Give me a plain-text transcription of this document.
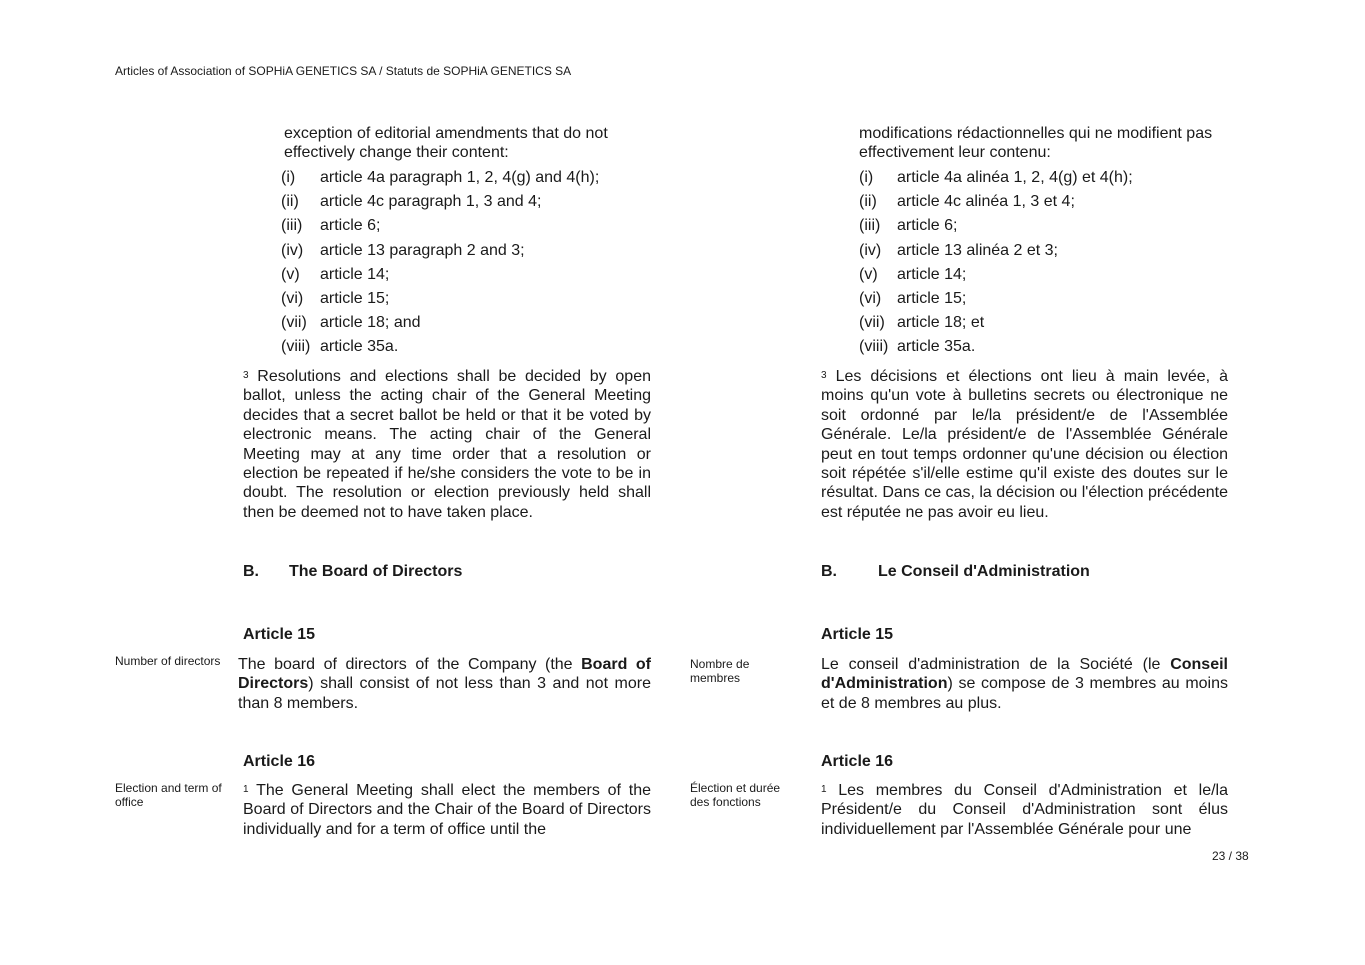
Articles of Association of SOPHiA GENETICS SA / Statuts de SOPHiA GENETICS SA
exception of editorial amendments that do not effectively change their content:
(i) article 4a paragraph 1, 2, 4(g) and 4(h);
(ii) article 4c paragraph 1, 3 and 4;
(iii) article 6;
(iv) article 13 paragraph 2 and 3;
(v) article 14;
(vi) article 15;
(vii) article 18; and
(viii) article 35a.
$^3$ Resolutions and elections shall be decided by open ballot, unless the acting chair of the General Meeting decides that a secret ballot be held or that it be voted by electronic means. The acting chair of the General Meeting may at any time order that a resolution or election be repeated if he/she considers the vote to be in doubt. The resolution or election previously held shall then be deemed not to have taken place.
B. The Board of Directors
Article 15
Number of directors	The board of directors of the Company (the Board of Directors) shall consist of not less than 3 and not more than 8 members.
Article 16
Election and term of office
$^1$ The General Meeting shall elect the members of the Board of Directors and the Chair of the Board of Directors individually and for a term of office until the
modifications rédactionnelles qui ne modifient pas effectivement leur contenu:
(i) article 4a alinéa 1, 2, 4(g) et 4(h);
(ii) article 4c alinéa 1, 3 et 4;
(iii) article 6;
(iv) article 13 alinéa 2 et 3;
(v) article 14;
(vi) article 15;
(vii) article 18; et
(viii) article 35a.
$^3$ Les décisions et élections ont lieu à main levée, à moins qu'un vote à bulletins secrets ou électronique ne soit ordonné par le/la président/e de l'Assemblée Générale. Le/la président/e de l'Assemblée Générale peut en tout temps ordonner qu'une décision ou élection soit répétée s'il/elle estime qu'il existe des doutes sur le résultat. Dans ce cas, la décision ou l'élection précédente est réputée ne pas avoir eu lieu.
B.	Le Conseil d'Administration
Article 15
Nombre de membres
Le conseil d'administration de la Société (le Conseil d'Administration) se compose de 3 membres au moins et de 8 membres au plus.
Article 16
Élection et durée des fonctions
$^1$ Les membres du Conseil d'Administration et le/la Président/e du Conseil d'Administration sont élus individuellement par l'Assemblée Générale pour une
23 / 38
